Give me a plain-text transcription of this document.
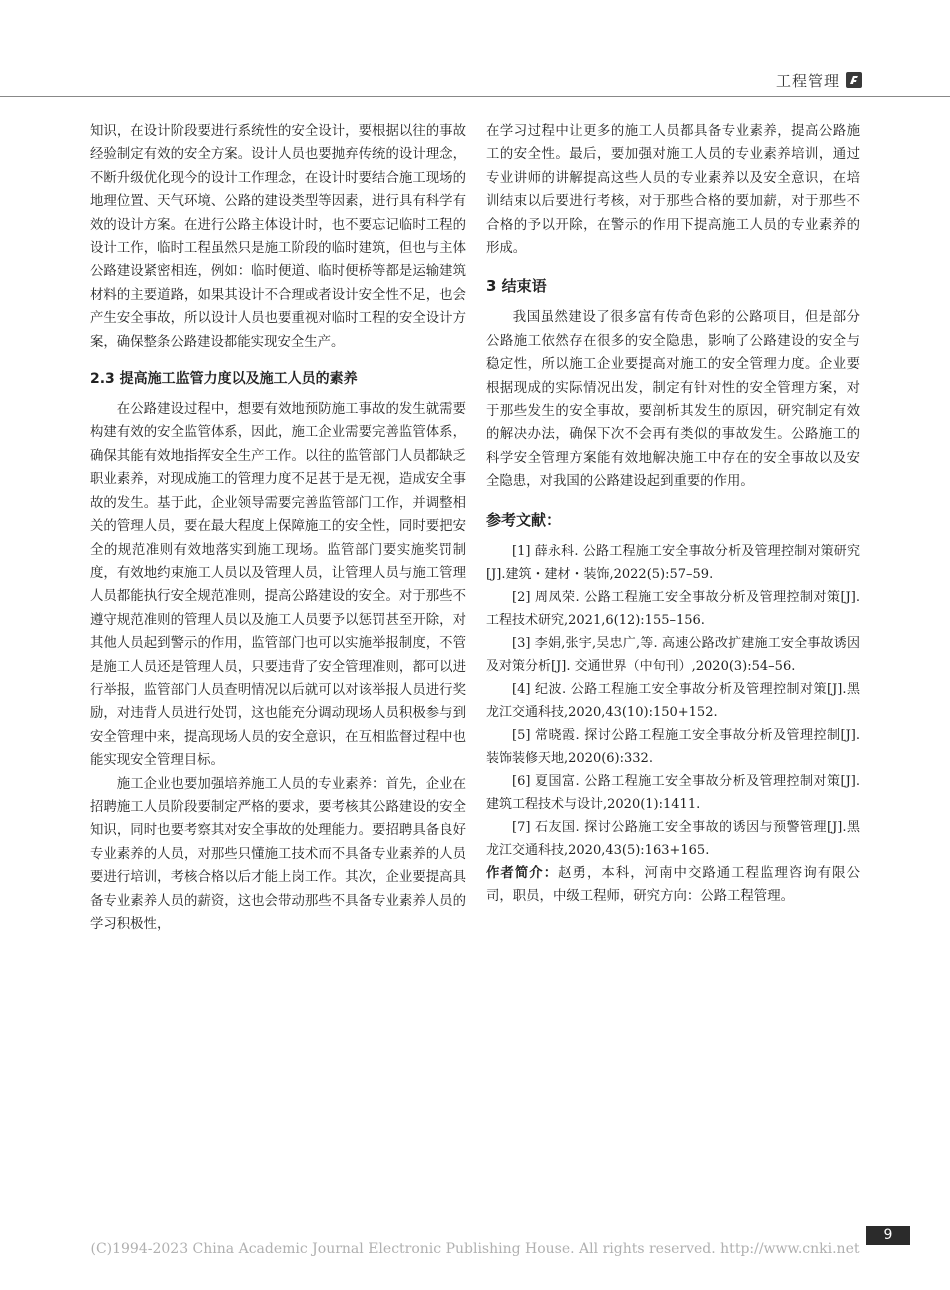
工程管理

知识，在设计阶段要进行系统性的安全设计，要根据以往的事故经验制定有效的安全方案。设计人员也要抛弃传统的设计理念，不断升级优化现今的设计工作理念，在设计时要结合施工现场的地理位置、天气环境、公路的建设类型等因素，进行具有科学有效的设计方案。在进行公路主体设计时，也不要忘记临时工程的设计工作，临时工程虽然只是施工阶段的临时建筑，但也与主体公路建设紧密相连，例如：临时便道、临时便桥等都是运输建筑材料的主要道路，如果其设计不合理或者设计安全性不足，也会产生安全事故，所以设计人员也要重视对临时工程的安全设计方案，确保整条公路建设都能实现安全生产。

2.3 提高施工监管力度以及施工人员的素养

在公路建设过程中，想要有效地预防施工事故的发生就需要构建有效的安全监管体系，因此，施工企业需要完善监管体系，确保其能有效地指挥安全生产工作。以往的监管部门人员都缺乏职业素养，对现成施工的管理力度不足甚于是无视，造成安全事故的发生。基于此，企业领导需要完善监管部门工作，并调整相关的管理人员，要在最大程度上保障施工的安全性，同时要把安全的规范准则有效地落实到施工现场。监管部门要实施奖罚制度，有效地约束施工人员以及管理人员，让管理人员与施工管理人员都能执行安全规范准则，提高公路建设的安全。对于那些不遵守规范准则的管理人员以及施工人员要予以惩罚甚至开除，对其他人员起到警示的作用，监管部门也可以实施举报制度，不管是施工人员还是管理人员，只要违背了安全管理准则，都可以进行举报，监管部门人员查明情况以后就可以对该举报人员进行奖励，对违背人员进行处罚，这也能充分调动现场人员积极参与到安全管理中来，提高现场人员的安全意识，在互相监督过程中也能实现安全管理目标。

施工企业也要加强培养施工人员的专业素养：首先，企业在招聘施工人员阶段要制定严格的要求，要考核其公路建设的安全知识，同时也要考察其对安全事故的处理能力。要招聘具备良好专业素养的人员，对那些只懂施工技术而不具备专业素养的人员要进行培训，考核合格以后才能上岗工作。其次，企业要提高具备专业素养人员的薪资，这也会带动那些不具备专业素养人员的学习积极性，

在学习过程中让更多的施工人员都具备专业素养，提高公路施工的安全性。最后，要加强对施工人员的专业素养培训，通过专业讲师的讲解提高这些人员的专业素养以及安全意识，在培训结束以后要进行考核，对于那些合格的要加薪，对于那些不合格的予以开除，在警示的作用下提高施工人员的专业素养的形成。

3 结束语

我国虽然建设了很多富有传奇色彩的公路项目，但是部分公路施工依然存在很多的安全隐患，影响了公路建设的安全与稳定性，所以施工企业要提高对施工的安全管理力度。企业要根据现成的实际情况出发，制定有针对性的安全管理方案，对于那些发生的安全事故，要剖析其发生的原因，研究制定有效的解决办法，确保下次不会再有类似的事故发生。公路施工的科学安全管理方案能有效地解决施工中存在的安全事故以及安全隐患，对我国的公路建设起到重要的作用。

参考文献：

[1] 薛永科. 公路工程施工安全事故分析及管理控制对策研究[J].建筑・建材・装饰,2022(5):57–59.

[2] 周凤荣. 公路工程施工安全事故分析及管理控制对策[J].工程技术研究,2021,6(12):155–156.

[3] 李娟,张宇,吴忠广,等. 高速公路改扩建施工安全事故诱因及对策分析[J]. 交通世界（中旬刊）,2020(3):54–56.

[4] 纪波. 公路工程施工安全事故分析及管理控制对策[J].黑龙江交通科技,2020,43(10):150+152.

[5] 常晓霞. 探讨公路工程施工安全事故分析及管理控制[J].装饰装修天地,2020(6):332.

[6] 夏国富. 公路工程施工安全事故分析及管理控制对策[J]. 建筑工程技术与设计,2020(1):1411.

[7] 石友国. 探讨公路施工安全事故的诱因与预警管理[J].黑龙江交通科技,2020,43(5):163+165.

作者简介：赵勇，本科，河南中交路通工程监理咨询有限公司，职员，中级工程师，研究方向：公路工程管理。

9
(C)1994-2023 China Academic Journal Electronic Publishing House. All rights reserved. http://www.cnki.net
